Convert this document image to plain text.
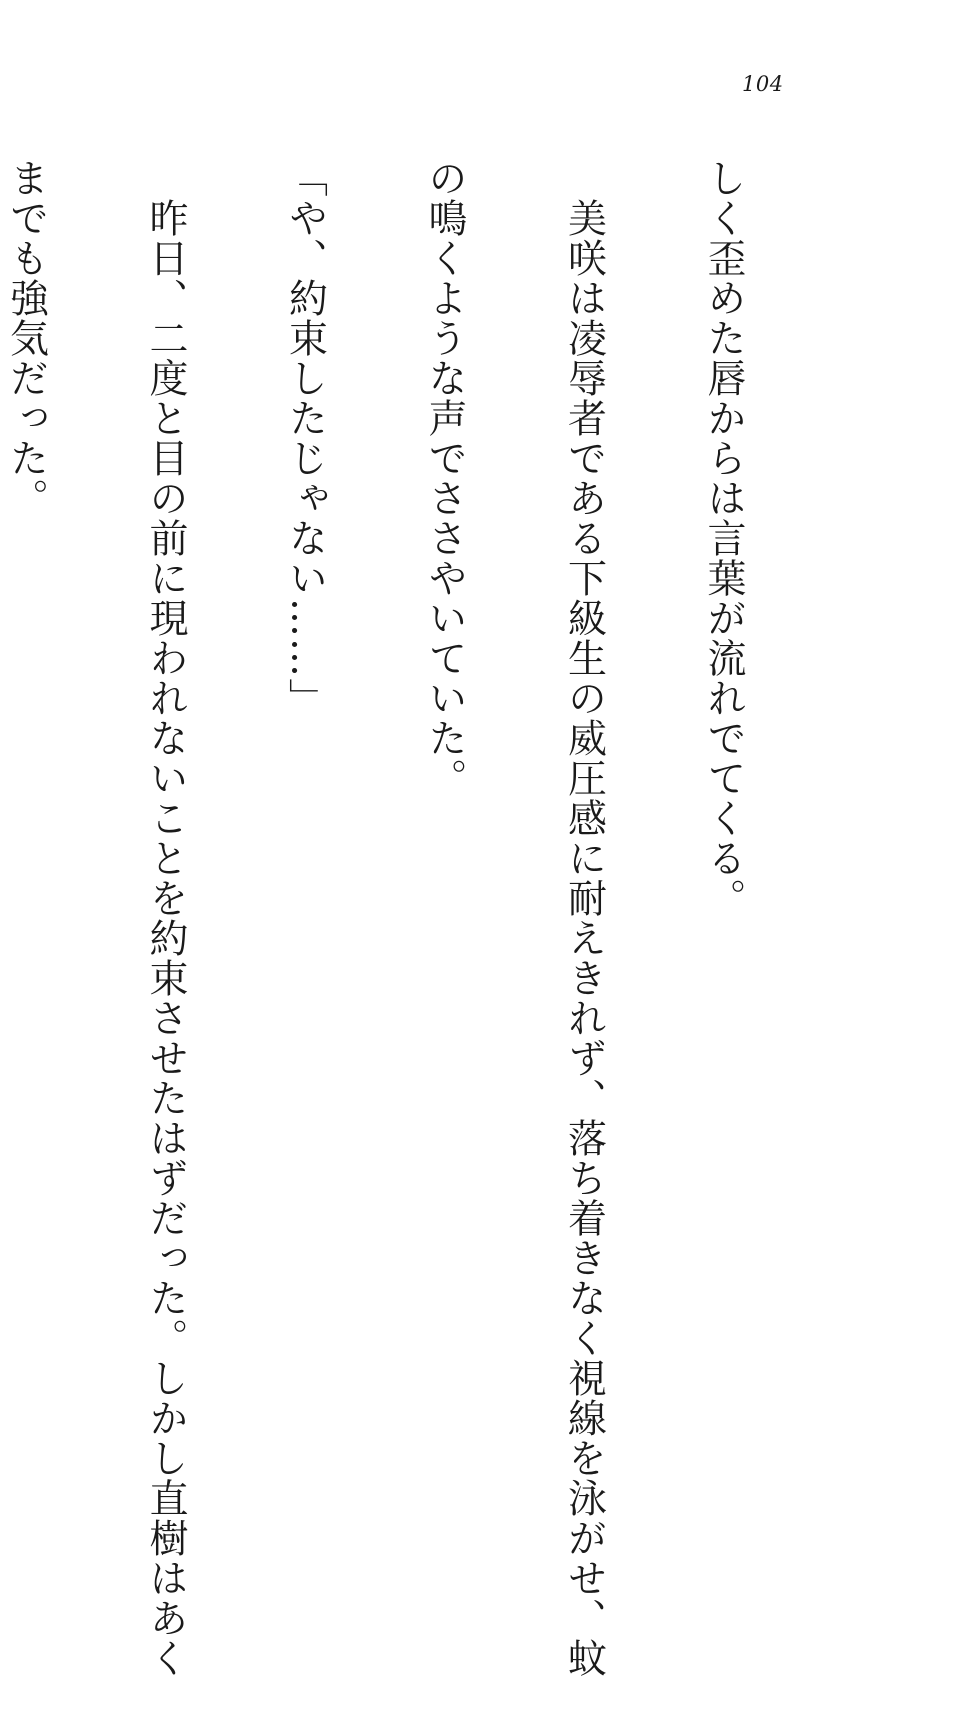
104

しく歪めた唇からは言葉が流れでてくる。

　美咲は凌辱者である下級生の威圧感に耐えきれず、落ち着きなく視線を泳がせ、蚊

の鳴くような声でささやいていた。

「や、約束したじゃない……」

　昨日、二度と目の前に現われないことを約束させたはずだった。しかし直樹はあく

までも強気だった。
